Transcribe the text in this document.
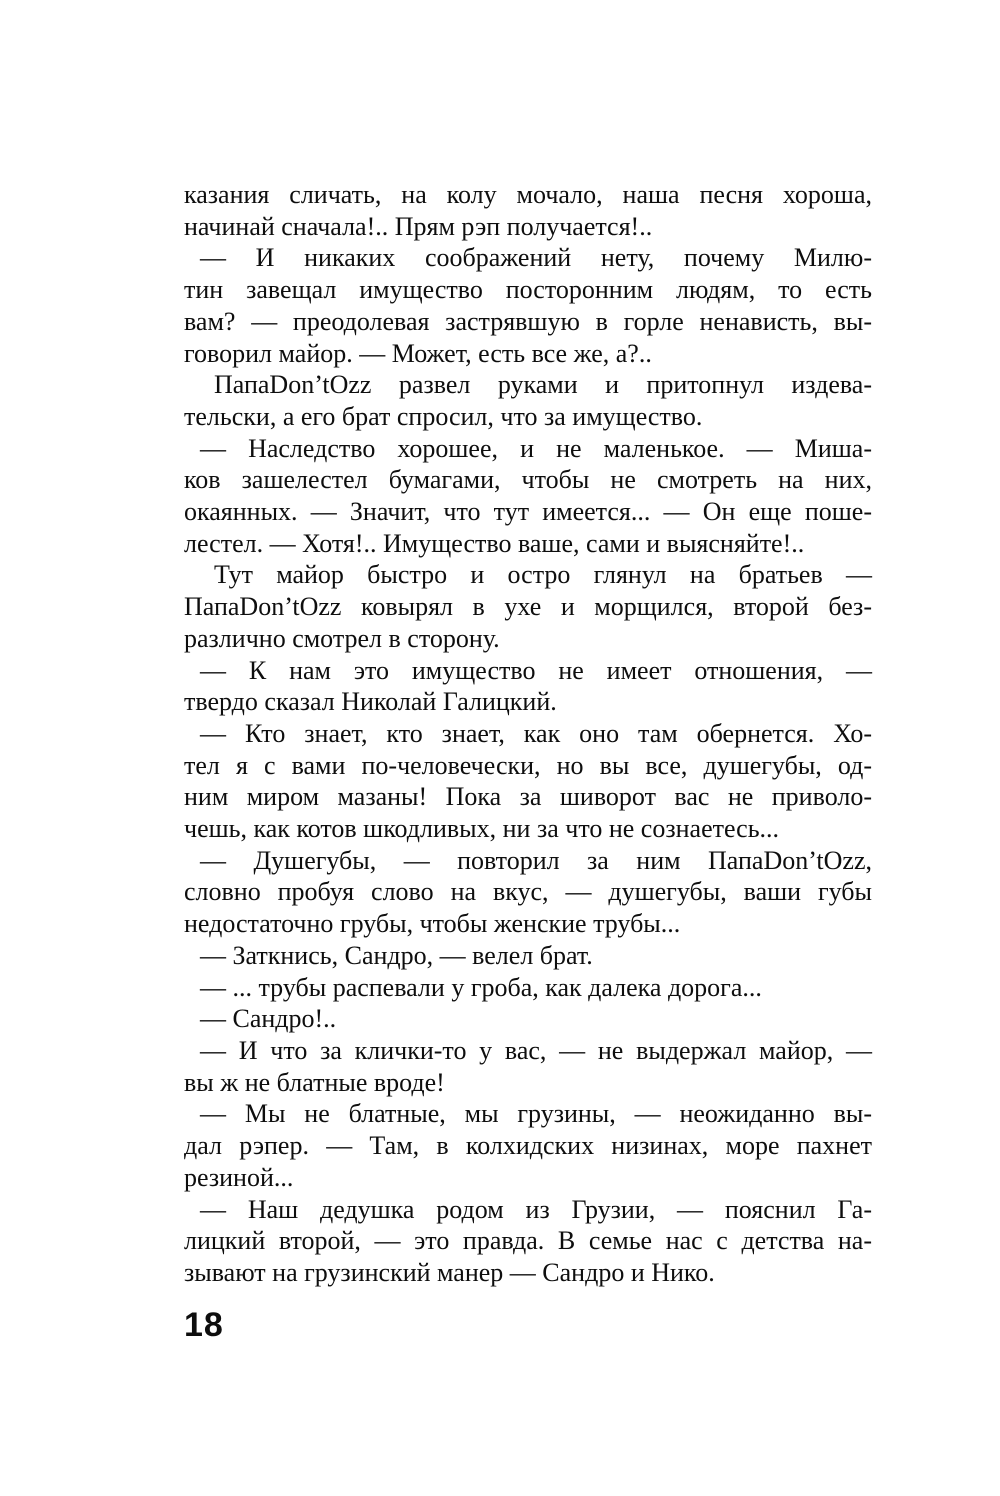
казания сличать, на колу мочало, наша песня хороша,
начинай сначала!.. Прям рэп получается!..
— И никаких соображений нету, почему Милю-
тин завещал имущество посторонним людям, то есть
вам? — преодолевая застрявшую в горле ненависть, вы-
говорил майор. — Может, есть все же, а?..
ПапаDon’tOzz развел руками и притопнул издева-
тельски, а его брат спросил, что за имущество.
— Наследство хорошее, и не маленькое. — Миша-
ков зашелестел бумагами, чтобы не смотреть на них,
окаянных. — Значит, что тут имеется... — Он еще поше-
лестел. — Хотя!.. Имущество ваше, сами и выясняйте!..
Тут майор быстро и остро глянул на братьев —
ПапаDon’tOzz ковырял в ухе и морщился, второй без-
различно смотрел в сторону.
— К нам это имущество не имеет отношения, —
твердо сказал Николай Галицкий.
— Кто знает, кто знает, как оно там обернется. Хо-
тел я с вами по-человечески, но вы все, душегубы, од-
ним миром мазаны! Пока за шиворот вас не приволо-
чешь, как котов шкодливых, ни за что не сознаетесь...
— Душегубы, — повторил за ним ПапаDon’tOzz,
словно пробуя слово на вкус, — душегубы, ваши губы
недостаточно грубы, чтобы женские трубы...
— Заткнись, Сандро, — велел брат.
— ... трубы распевали у гроба, как далека дорога...
— Сандро!..
— И что за клички-то у вас, — не выдержал майор, —
вы ж не блатные вроде!
— Мы не блатные, мы грузины, — неожиданно вы-
дал рэпер. — Там, в колхидских низинах, море пахнет
резиной...
— Наш дедушка родом из Грузии, — пояснил Га-
лицкий второй, — это правда. В семье нас с детства на-
зывают на грузинский манер — Сандро и Нико.
18
